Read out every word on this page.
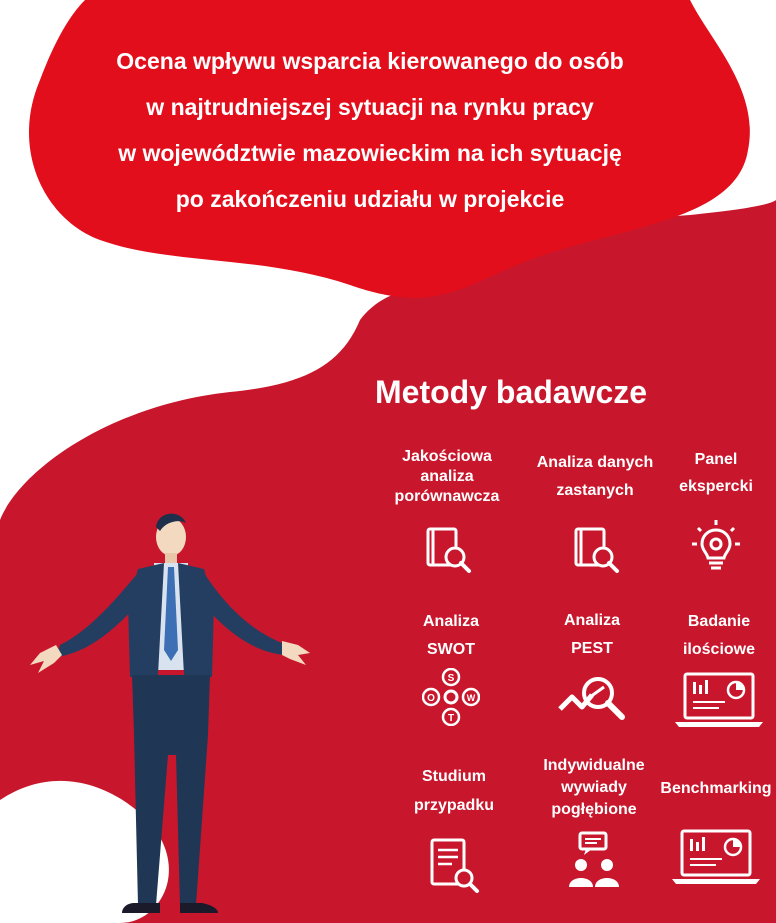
Ocena wpływu wsparcia kierowanego do osób
w najtrudniejszej sytuacji na rynku pracy
w województwie mazowieckim na ich sytuację
po zakończeniu udziału w projekcie
Metody badawcze
Jakościowa
analiza
porównawcza
Analiza danych
zastanych
Panel
ekspercki
Analiza
SWOT
S
T
O	W
Analiza
PEST
Badanie
ilościowe
Studium
przypadku
Indywidualne
wywiady
pogłębione
Benchmarking
